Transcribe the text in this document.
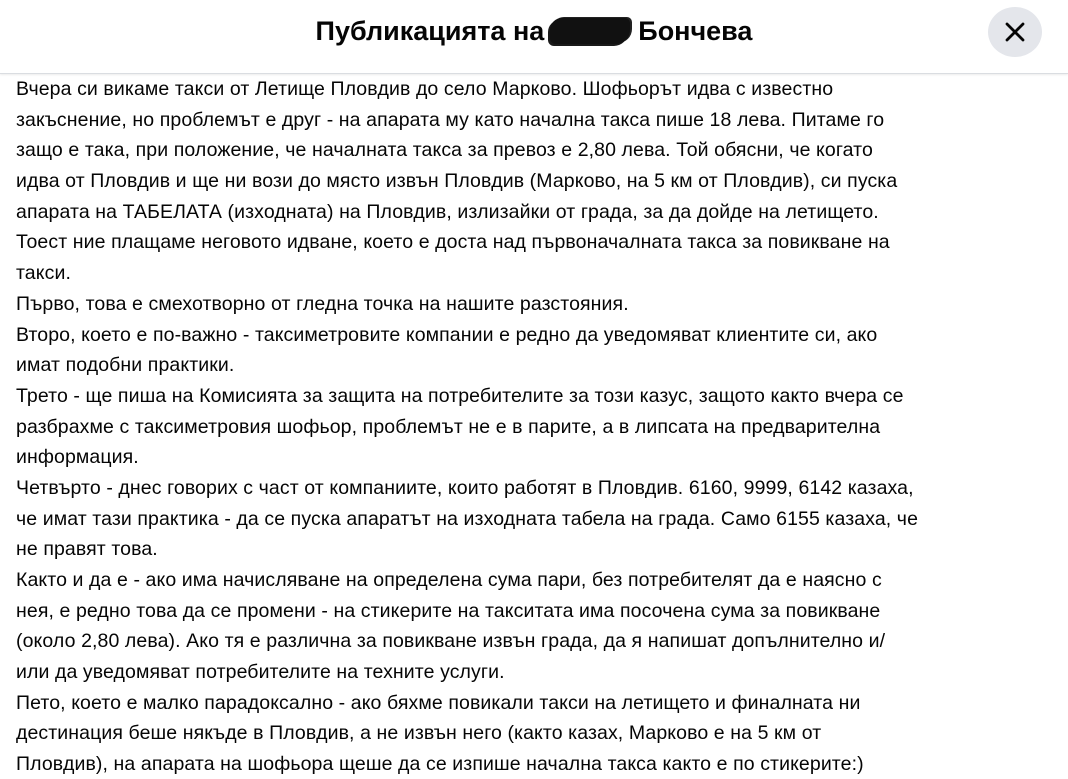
Публикацията на	Бончева
Вчера си викаме такси от Летище Пловдив до село Марково. Шофьорът идва с известно
закъснение, но проблемът е друг - на апарата му като начална такса пише 18 лева. Питаме го
защо е така, при положение, че началната такса за превоз е 2,80 лева. Той обясни, че когато
идва от Пловдив и ще ни вози до място извън Пловдив (Марково, на 5 км от Пловдив), си пуска
апарата на ТАБЕЛАТА (изходната) на Пловдив, излизайки от града, за да дойде на летището.
Тоест ние плащаме неговото идване, което е доста над първоначалната такса за повикване на
такси.
Първо, това е смехотворно от гледна точка на нашите разстояния.
Второ, което е по-важно - таксиметровите компании е редно да уведомяват клиентите си, ако
имат подобни практики.
Трето - ще пиша на Комисията за защита на потребителите за този казус, защото както вчера се
разбрахме с таксиметровия шофьор, проблемът не е в парите, а в липсата на предварителна
информация.
Четвърто - днес говорих с част от компаниите, които работят в Пловдив. 6160, 9999, 6142 казаха,
че имат тази практика - да се пуска апаратът на изходната табела на града. Само 6155 казаха, че
не правят това.
Както и да е - ако има начисляване на определена сума пари, без потребителят да е наясно с
нея, е редно това да се промени - на стикерите на такситата има посочена сума за повикване
(около 2,80 лева). Ако тя е различна за повикване извън града, да я напишат допълнително и/
или да уведомяват потребителите на техните услуги.
Пето, което е малко парадоксално - ако бяхме повикали такси на летището и финалната ни
дестинация беше някъде в Пловдив, а не извън него (както казах, Марково е на 5 км от
Пловдив), на апарата на шофьора щеше да се изпише начална такса както е по стикерите:)
